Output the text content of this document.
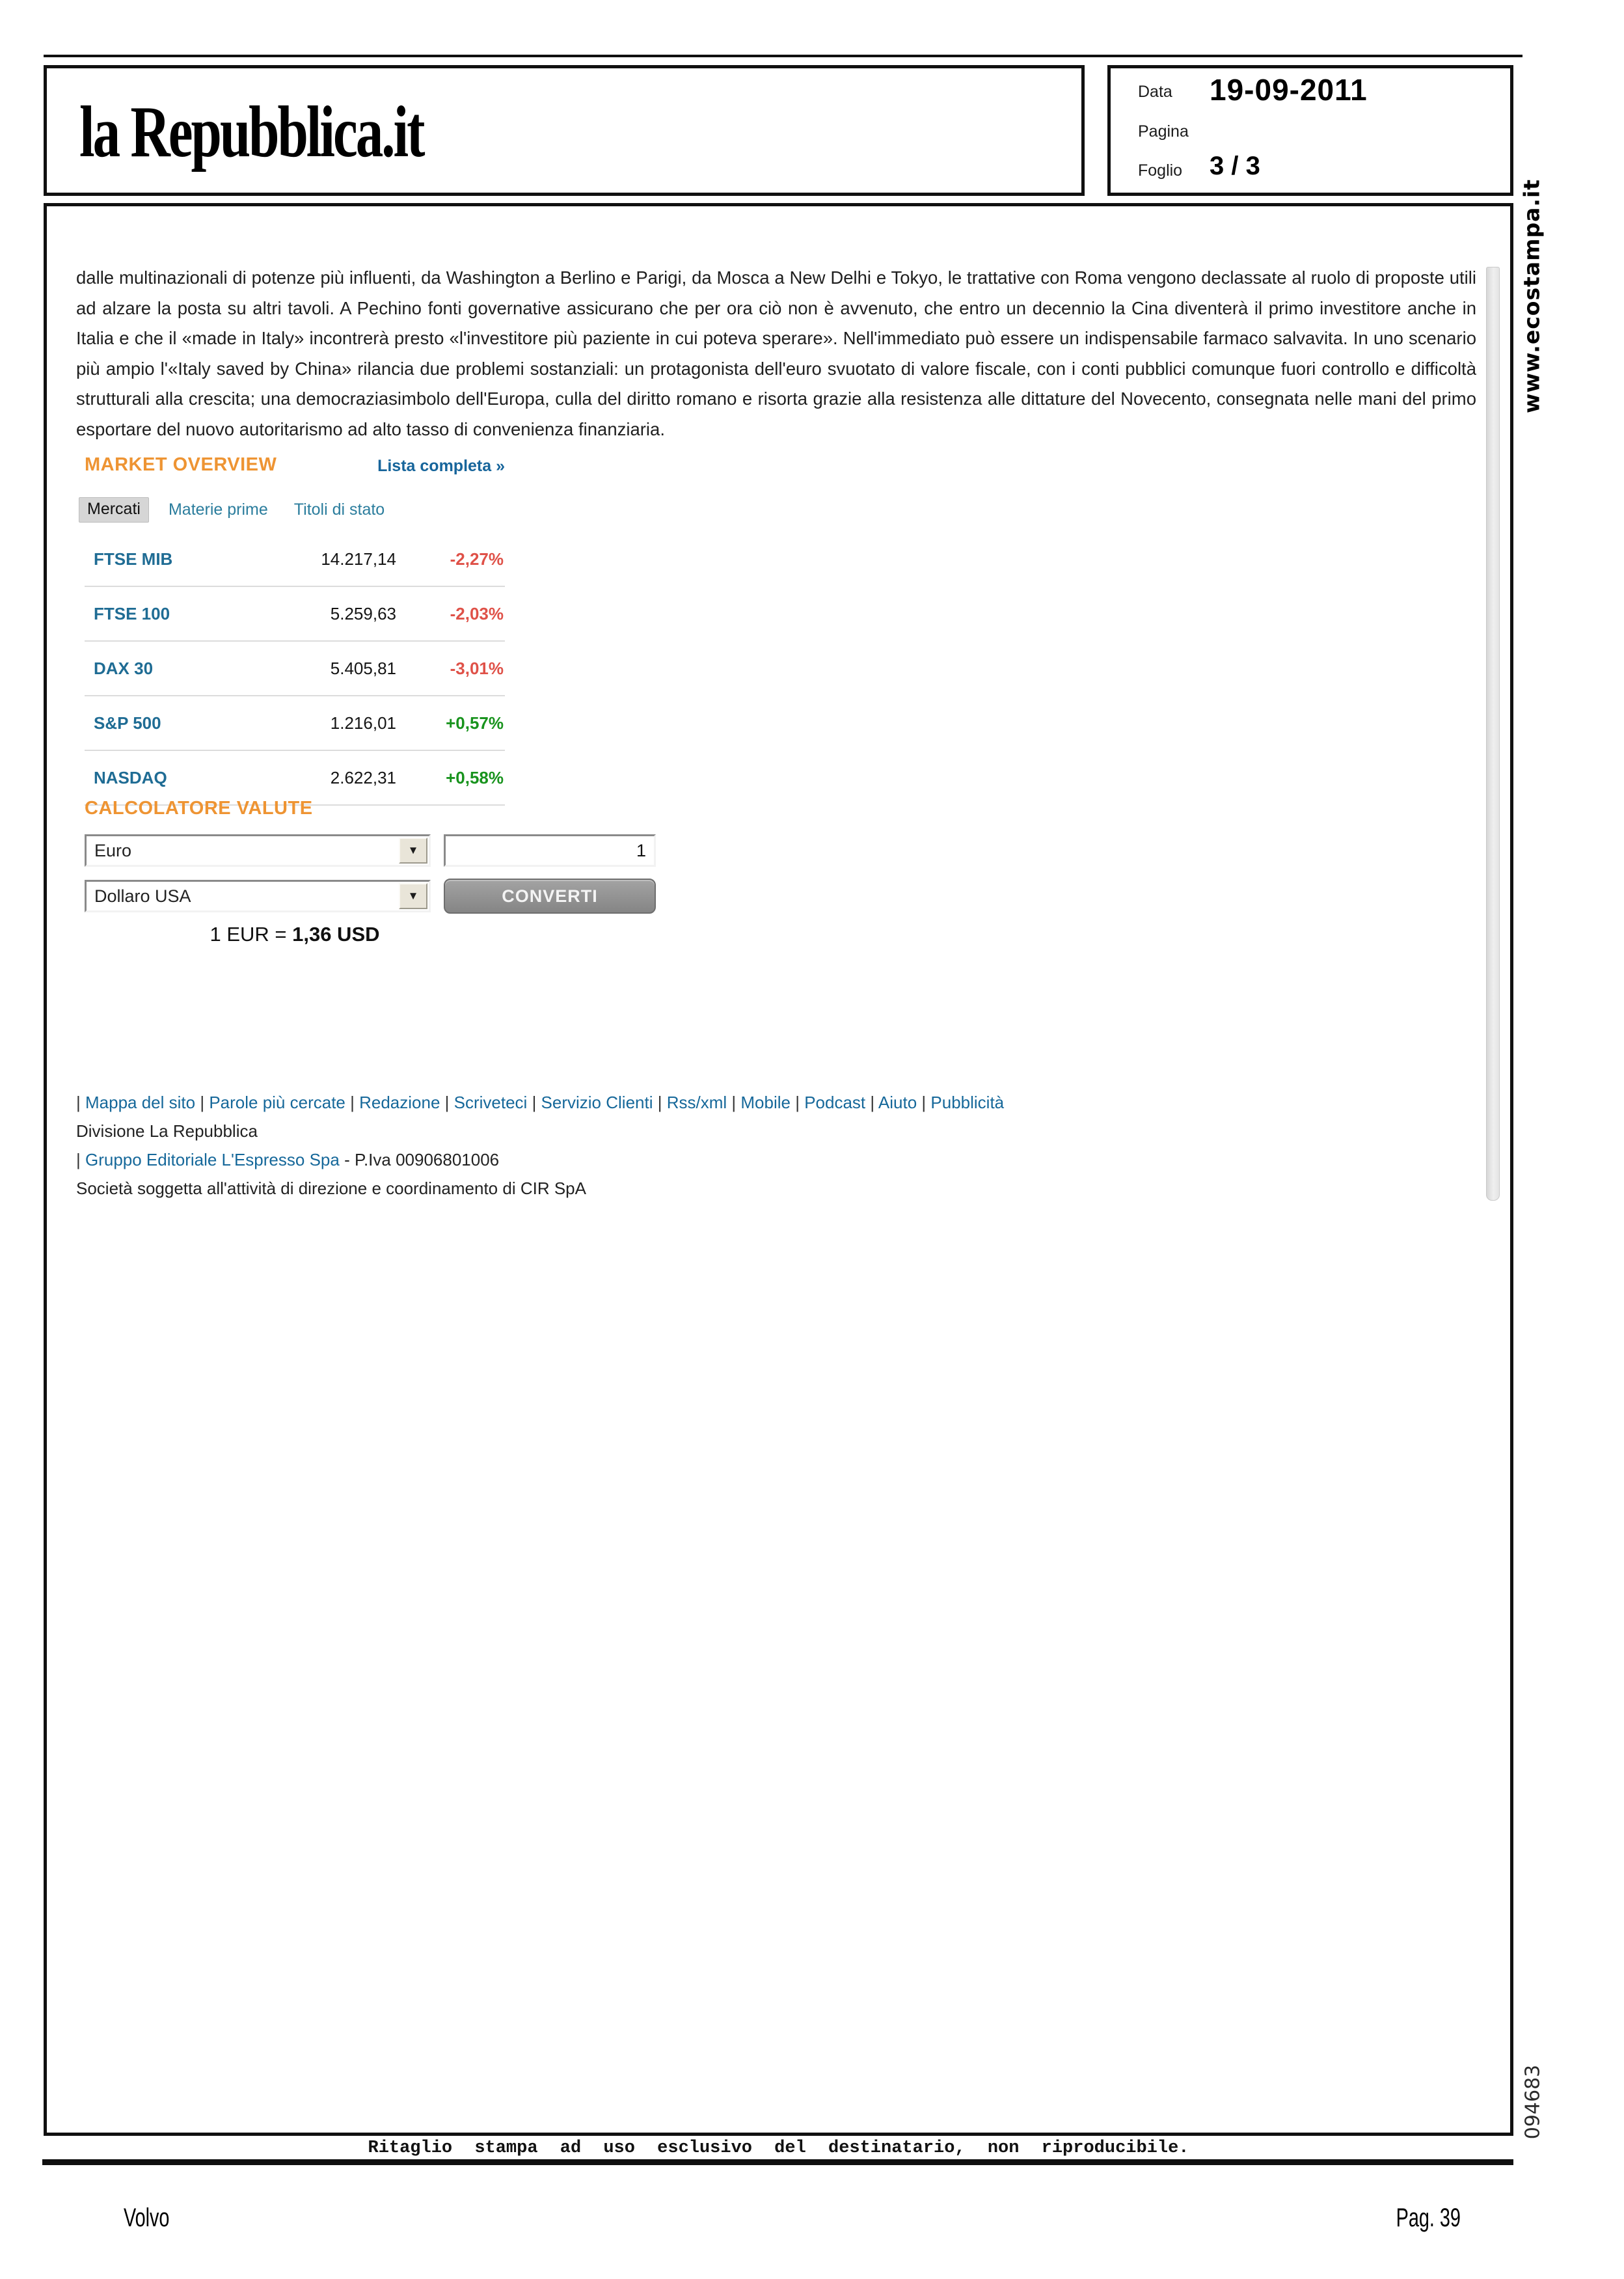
la Repubblica.it	Data 19-09-2011
Pagina
Foglio 3 / 3
www.ecostampa.it
094683
dalle multinazionali di potenze più influenti, da Washington a Berlino e Parigi, da Mosca a New Delhi e Tokyo, le trattative con Roma vengono declassate al ruolo di proposte utili ad alzare la posta su altri tavoli. A Pechino fonti governative assicurano che per ora ciò non è avvenuto, che entro un decennio la Cina diventerà il primo investitore anche in Italia e che il «made in Italy» incontrerà presto «l'investitore più paziente in cui poteva sperare». Nell'immediato può essere un indispensabile farmaco salvavita. In uno scenario più ampio l'«Italy saved by China» rilancia due problemi sostanziali: un protagonista dell'euro svuotato di valore fiscale, con i conti pubblici comunque fuori controllo e difficoltà strutturali alla crescita; una democraziasimbolo dell'Europa, culla del diritto romano e risorta grazie alla resistenza alle dittature del Novecento, consegnata nelle mani del primo esportare del nuovo autoritarismo ad alto tasso di convenienza finanziaria.
MARKET OVERVIEW	Lista completa »
Mercati	Materie prime Titoli di stato
FTSE MIB	14.217,14	-2,27%
FTSE 100	5.259,63	-2,03%
DAX 30	5.405,81	-3,01%
S&P 500	1.216,01	+0,57%
NASDAQ	2.622,31	+0,58%
CALCOLATORE VALUTE
Euro	▼
1
Dollaro USA	▼	CONVERTI
1 EUR = 1,36 USD
| Mappa del sito | Parole più cercate | Redazione | Scriveteci | Servizio Clienti | Rss/xml | Mobile | Podcast | Aiuto | Pubblicità
Divisione La Repubblica
| Gruppo Editoriale L'Espresso Spa - P.Iva 00906801006
Società soggetta all'attività di direzione e coordinamento di CIR SpA
Ritaglio stampa ad uso esclusivo del destinatario, non riproducibile.
Volvo	Pag. 39
